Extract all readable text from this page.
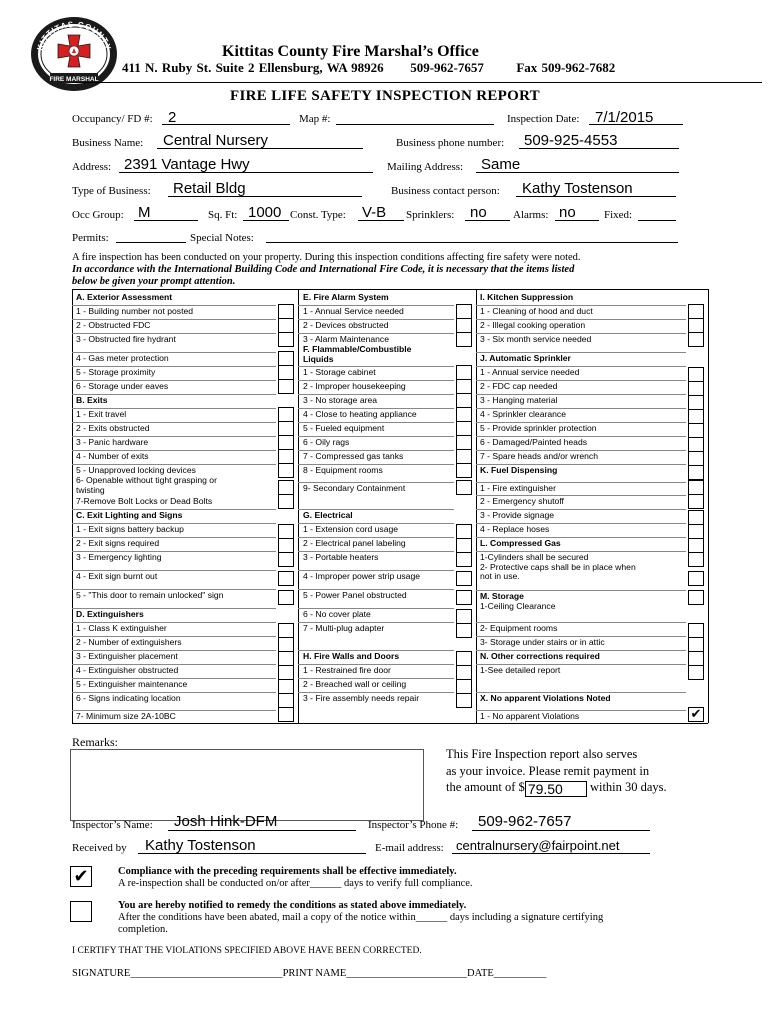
FIRE MARSHAL
KITTITAS COUNTY	Kittitas County Fire Marshal’s Office
411 N. Ruby St. Suite 2 Ellensburg, WA 98926 509-962-7657	Fax 509-962-7682
FIRE LIFE SAFETY INSPECTION REPORT
Occupancy/ FD #: 2	Map #:	Inspection Date: 7/1/2015
Business Name: Central Nursery	Business phone number: 509-925-4553
Address: 2391 Vantage Hwy	Mailing Address: Same
Type of Business: Retail Bldg	Business contact person: Kathy Tostenson
Occ Group: M	Sq. Ft: 1000 Const. Type: V-B Sprinklers: no Alarms: no	Fixed:
Permits:	Special Notes:
A fire inspection has been conducted on your property. During this inspection conditions affecting fire safety were noted.
In accordance with the International Building Code and International Fire Code, it is necessary that the items listed
below be given your prompt attention.
A. Exterior Assessment
1 - Building number not posted
2 - Obstructed FDC
3 - Obstructed fire hydrant
4 - Gas meter protection
5 - Storage proximity
6 - Storage under eaves
B. Exits
1 - Exit travel
2 - Exits obstructed
3 - Panic hardware
4 - Number of exits
5 - Unapproved locking devices
6- Openable without tight grasping or
twisting
7-Remove Bolt Locks or Dead Bolts
C. Exit Lighting and Signs
1 - Exit signs battery backup
2 - Exit signs required
3 - Emergency lighting
4 - Exit sign burnt out
5 - "This door to remain unlocked" sign
D. Extinguishers
1 - Class K extinguisher
2 - Number of extinguishers
3 - Extinguisher placement
4 - Extinguisher obstructed
5 - Extinguisher maintenance
6 - Signs indicating location
7- Minimum size 2A-10BC
E. Fire Alarm System
1 - Annual Service needed
2 - Devices obstructed
3 - Alarm Maintenance
F. Flammable/Combustible
Liquids
1 - Storage cabinet
2 - Improper housekeeping
3 - No storage area
4 - Close to heating appliance
5 - Fueled equipment
6 - Oily rags
7 - Compressed gas tanks
8 - Equipment rooms
9- Secondary Containment
G. Electrical
1 - Extension cord usage
2 - Electrical panel labeling
3 - Portable heaters
4 - Improper power strip usage
5 - Power Panel obstructed
6 - No cover plate
7 - Multi-plug adapter
H. Fire Walls and Doors
1 - Restrained fire door
2 - Breached wall or ceiling
3 - Fire assembly needs repair
I. Kitchen Suppression
1 - Cleaning of hood and duct
2 - Illegal cooking operation
3 - Six month service needed
J. Automatic Sprinkler
1 - Annual service needed
2 - FDC cap needed
3 - Hanging material
4 - Sprinkler clearance
5 - Provide sprinkler protection
6 - Damaged/Painted heads
7 - Spare heads and/or wrench
K. Fuel Dispensing
1 - Fire extinguisher
2 - Emergency shutoff
3 - Provide signage
4 - Replace hoses
L. Compressed Gas
1-Cylinders shall be secured
2- Protective caps shall be in place when
not in use.
M. Storage
1-Ceiling Clearance
2- Equipment rooms
3- Storage under stairs or in attic
N. Other corrections required
1-See detailed report
X. No apparent Violations Noted
1 - No apparent Violations	✔
Remarks:
This Fire Inspection report also serves
as your invoice. Please remit payment in
the amount of $ 79.50 within 30 days.
Inspector’s Name: Josh Hink-DFM	Inspector’s Phone #: 509-962-7657
Received by Kathy Tostenson	E-mail address: centralnursery@fairpoint.net
✔	Compliance with the preceding requirements shall be effective immediately.
A re-inspection shall be conducted on/or after______ days to verify full compliance.
You are hereby notified to remedy the conditions as stated above immediately.
After the conditions have been abated, mail a copy of the notice within______ days including a signature certifying
completion.
I CERTIFY THAT THE VIOLATIONS SPECIFIED ABOVE HAVE BEEN CORRECTED.
SIGNATURE_____________________________PRINT NAME_______________________DATE__________
